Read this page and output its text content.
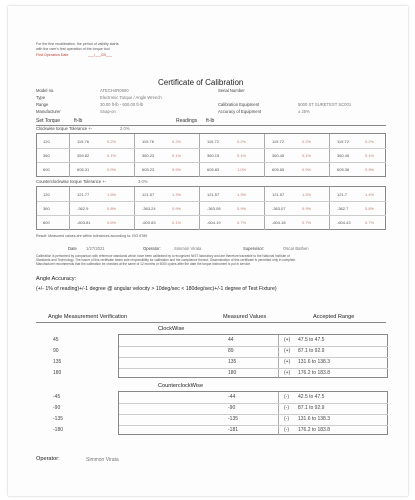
For the first recalibration, the period of validity starts
with the user's first operation of the torque tool
First Operation Date	___/___/20___
Certificate of Calibration
Model no.	ATECH4R0600
Type	Electronic Torque / Angle Wrench
Range	30.00 ft-lb - 600.00 ft-lb
Manufacturer	Snap-on
Serial Number
Calibration Equipment	5000 ST SURETEST SC001
Accuracy of Equipment	± 25%
Set Torque	ft-lb	Readings ft-lb
Clockwise torque Tolerance +-	2.0%
120	119.76	0.2%	119.76	0.2%	119.72	0.2%	119.72	0.2%	119.72	0.2%
360	359.82	0.1%	360.23	0.1%	360.15	0.1%	360.45	0.1%	360.45	0.1%
600	605.31	0.9%	605.23	0.9%	605.83	1.0%	605.65	0.9%	605.36	0.9%
Counterclockwise torque Tolerance +-	3.0%
120	121.77	1.5%	121.57	1.3%	121.57	1.3%	121.57	1.3%	121.7	1.4%
360	-362.9	0.8%	-363.24	0.9%	-363.08	0.9%	-363.07	0.9%	-362.7	0.8%
600	-603.81	0.6%	-600.83	0.1%	-604.19	0.7%	-604.18	0.7%	-604.43	0.7%
Result: Measured values are within tolerances according to: ISO 6789
Date 1/27/2021	Operator:	Simmon Virata	Supervisor:	Oscar Bathen
Calibration is performed by comparison with reference standards which have been calibrated by a recognized NIST laboratory and are therefore traceable to the National Institute of
Standards and Technology. The issuer of this certificate bears sole responsibility for calibration and the compliance thereof. Dissemination of this certificate is permitted only in complete.
Manufacturer recommends that the calibration be checked at the same of 12 months or 5000 cycles after the date the torque instrument is put in service.
Angle Accuracy:
(+/- 1% of reading)+/-1 degree @ angular velocity > 10deg/sec < 180deg/sec)+/-1 degree of Test Fixture)
Angle Measurement Verification	Measured Values	Accepted Range
ClockWise
45	44	(+) 47.5 to 47.5
90	89	(+) 87.1 to 92.9
135	135	(+) 131.6 to 138.3
180	180	(+) 176.2 to 183.8
CounterclockWise
-45	-44	(-) 42.5 to 47.5
-90	-90	(-) 87.1 to 92.9
-135	-135	(-) 131.6 to 138.3
-180	-181	(-) 176.2 to 183.8
Operator:	Simmon Virata
